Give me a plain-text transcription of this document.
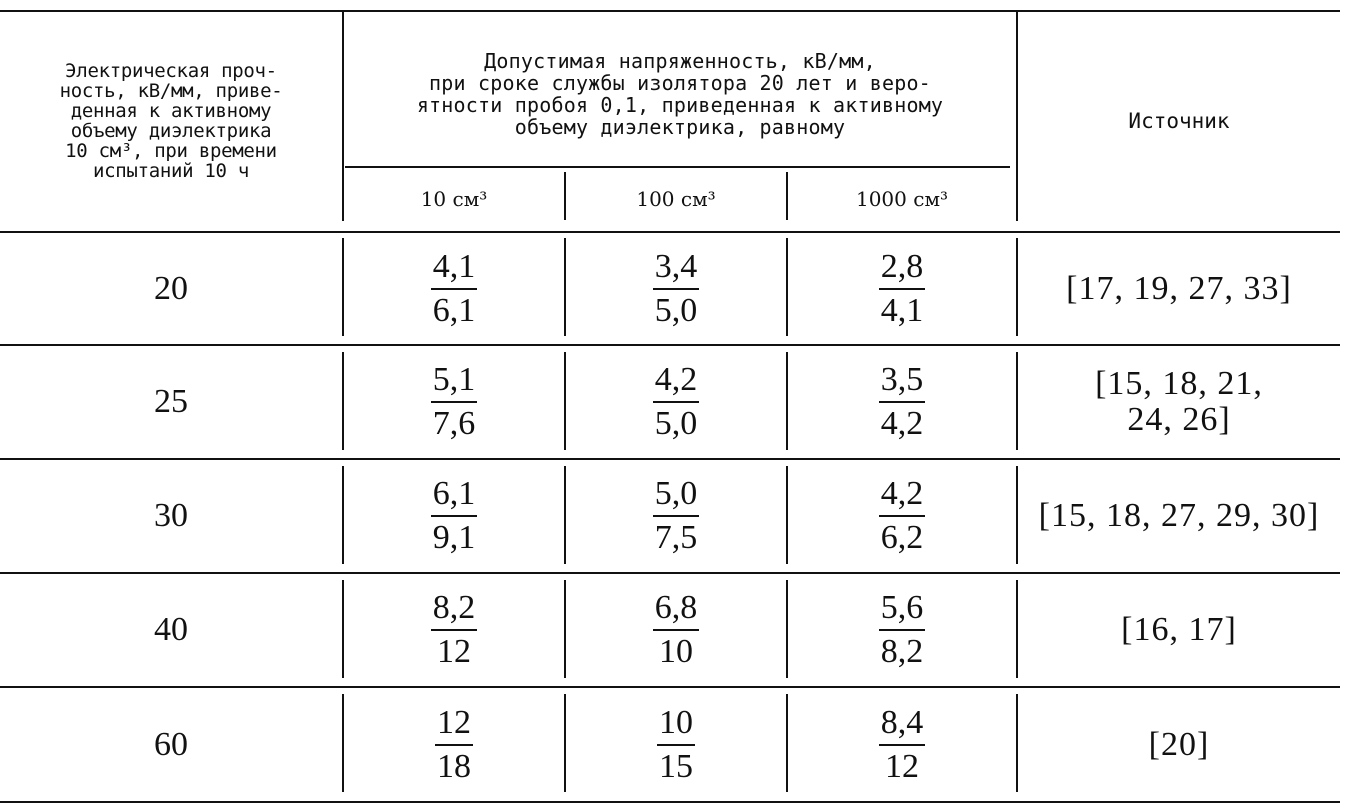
Электрическая проч-
ность, кВ/мм, приве-
денная к активному
объему диэлектрика
10 см³, при времени
испытаний 10 ч
Допустимая напряженность, кВ/мм,
при сроке службы изолятора 20 лет и веро-
ятности пробоя 0,1, приведенная к активному
объему диэлектрика, равному
10 см³	100 см³	1000 см³
Источник
20	$\frac{4,1}{6,1}$	$\frac{3,4}{5,0}$	$\frac{2,8}{4,1}$	[17, 19, 27, 33]
25	$\frac{5,1}{7,6}$	$\frac{4,2}{5,0}$	$\frac{3,5}{4,2}$	[15, 18, 21,
24, 26]
30	$\frac{6,1}{9,1}$	$\frac{5,0}{7,5}$	$\frac{4,2}{6,2}$	[15, 18, 27, 29, 30]
40	$\frac{8,2}{12}$	$\frac{6,8}{10}$	$\frac{5,6}{8,2}$	[16, 17]
60	$\frac{12}{18}$	$\frac{10}{15}$	$\frac{8,4}{12}$	[20]
